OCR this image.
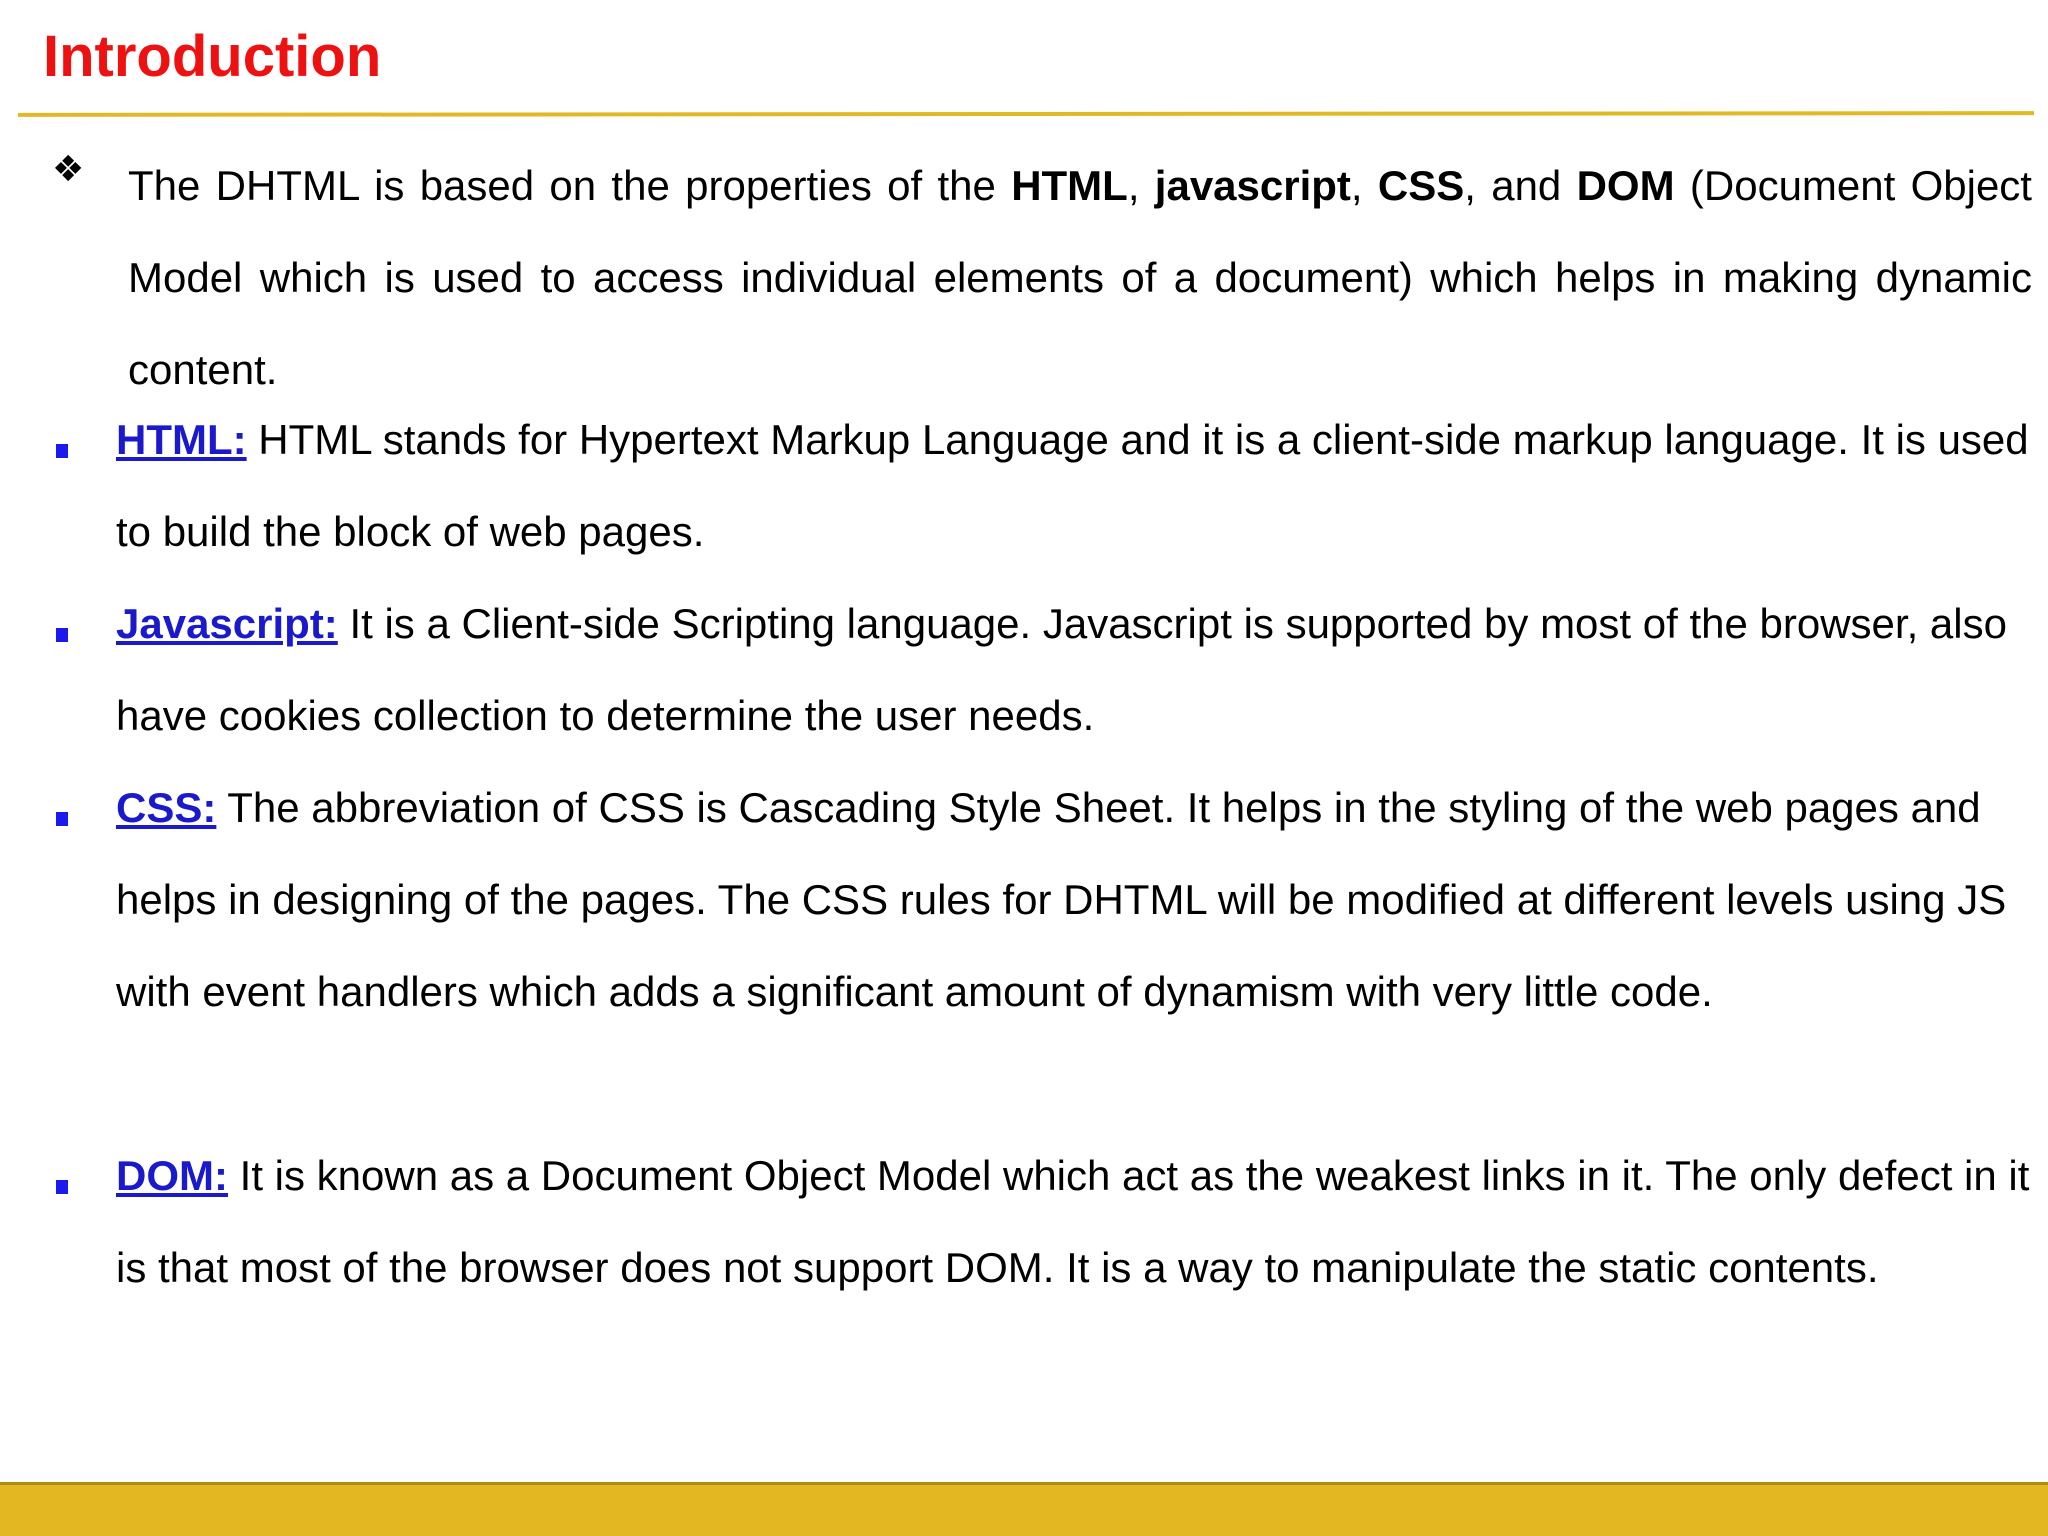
Introduction
❖ The DHTML is based on the properties of the HTML, javascript, CSS, and DOM (Document Object Model which is used to access individual elements of a document) which helps in making dynamic content.

HTML: HTML stands for Hypertext Markup Language and it is a client-side markup language. It is used to build the block of web pages.

Javascript: It is a Client-side Scripting language. Javascript is supported by most of the browser, also have cookies collection to determine the user needs.

CSS: The abbreviation of CSS is Cascading Style Sheet. It helps in the styling of the web pages and helps in designing of the pages. The CSS rules for DHTML will be modified at different levels using JS with event handlers which adds a significant amount of dynamism with very little code.

DOM: It is known as a Document Object Model which act as the weakest links in it. The only defect in it is that most of the browser does not support DOM. It is a way to manipulate the static contents.
